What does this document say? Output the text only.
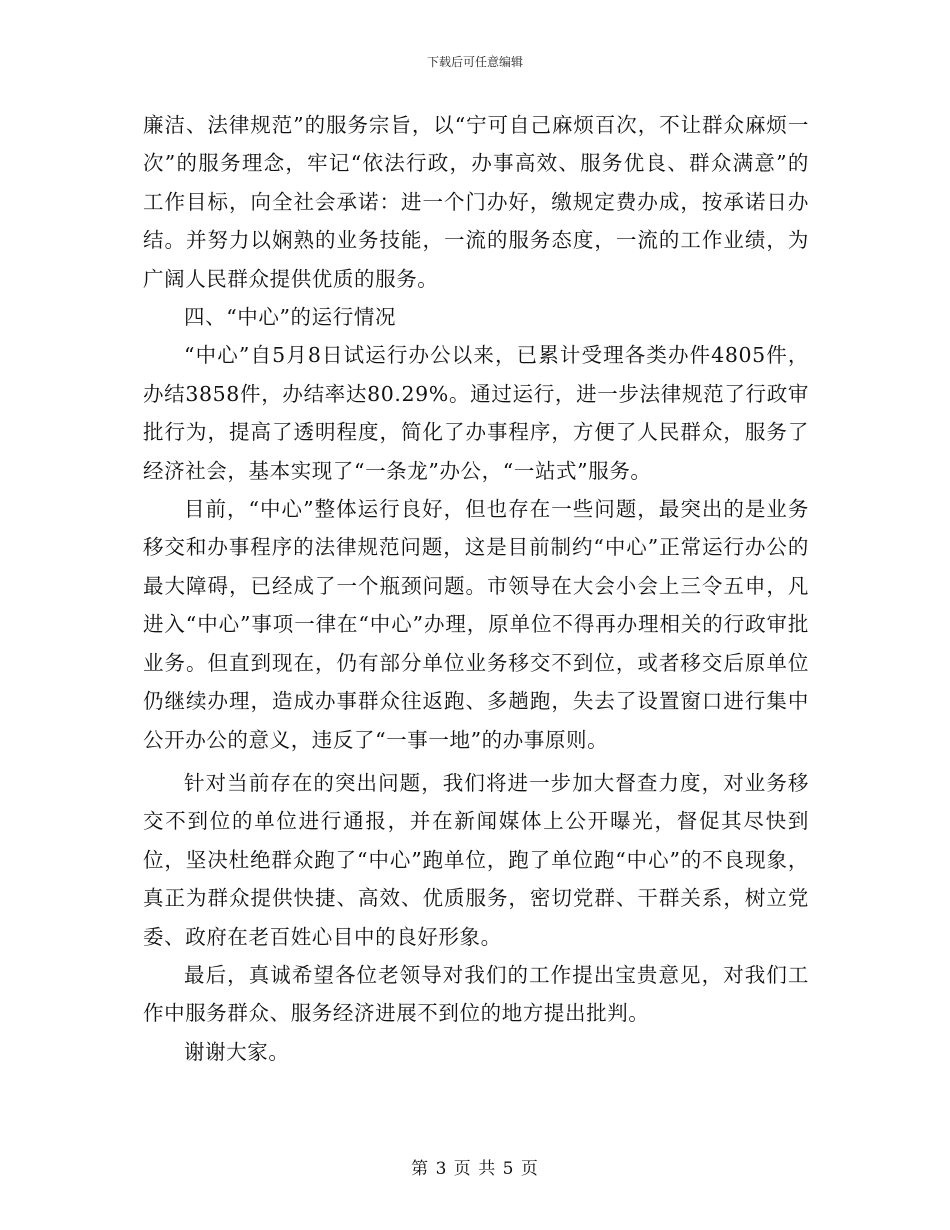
下载后可任意编辑

廉洁、法律规范”的服务宗旨，以“宁可自己麻烦百次，不让群众麻烦一次”的服务理念，牢记“依法行政，办事高效、服务优良、群众满意”的工作目标，向全社会承诺：进一个门办好，缴规定费办成，按承诺日办结。并努力以娴熟的业务技能，一流的服务态度，一流的工作业绩，为广阔人民群众提供优质的服务。

四、“中心”的运行情况

“中心”自5月8日试运行办公以来，已累计受理各类办件4805件，办结3858件，办结率达80.29%。通过运行，进一步法律规范了行政审批行为，提高了透明程度，简化了办事程序，方便了人民群众，服务了经济社会，基本实现了“一条龙”办公，“一站式”服务。

目前，“中心”整体运行良好，但也存在一些问题，最突出的是业务移交和办事程序的法律规范问题，这是目前制约“中心”正常运行办公的最大障碍，已经成了一个瓶颈问题。市领导在大会小会上三令五申，凡进入“中心”事项一律在“中心”办理，原单位不得再办理相关的行政审批业务。但直到现在，仍有部分单位业务移交不到位，或者移交后原单位仍继续办理，造成办事群众往返跑、多趟跑，失去了设置窗口进行集中公开办公的意义，违反了“一事一地”的办事原则。

针对当前存在的突出问题，我们将进一步加大督查力度，对业务移交不到位的单位进行通报，并在新闻媒体上公开曝光，督促其尽快到位，坚决杜绝群众跑了“中心”跑单位，跑了单位跑“中心”的不良现象，真正为群众提供快捷、高效、优质服务，密切党群、干群关系，树立党委、政府在老百姓心目中的良好形象。

最后，真诚希望各位老领导对我们的工作提出宝贵意见，对我们工作中服务群众、服务经济进展不到位的地方提出批判。

谢谢大家。

第 3 页 共 5 页
